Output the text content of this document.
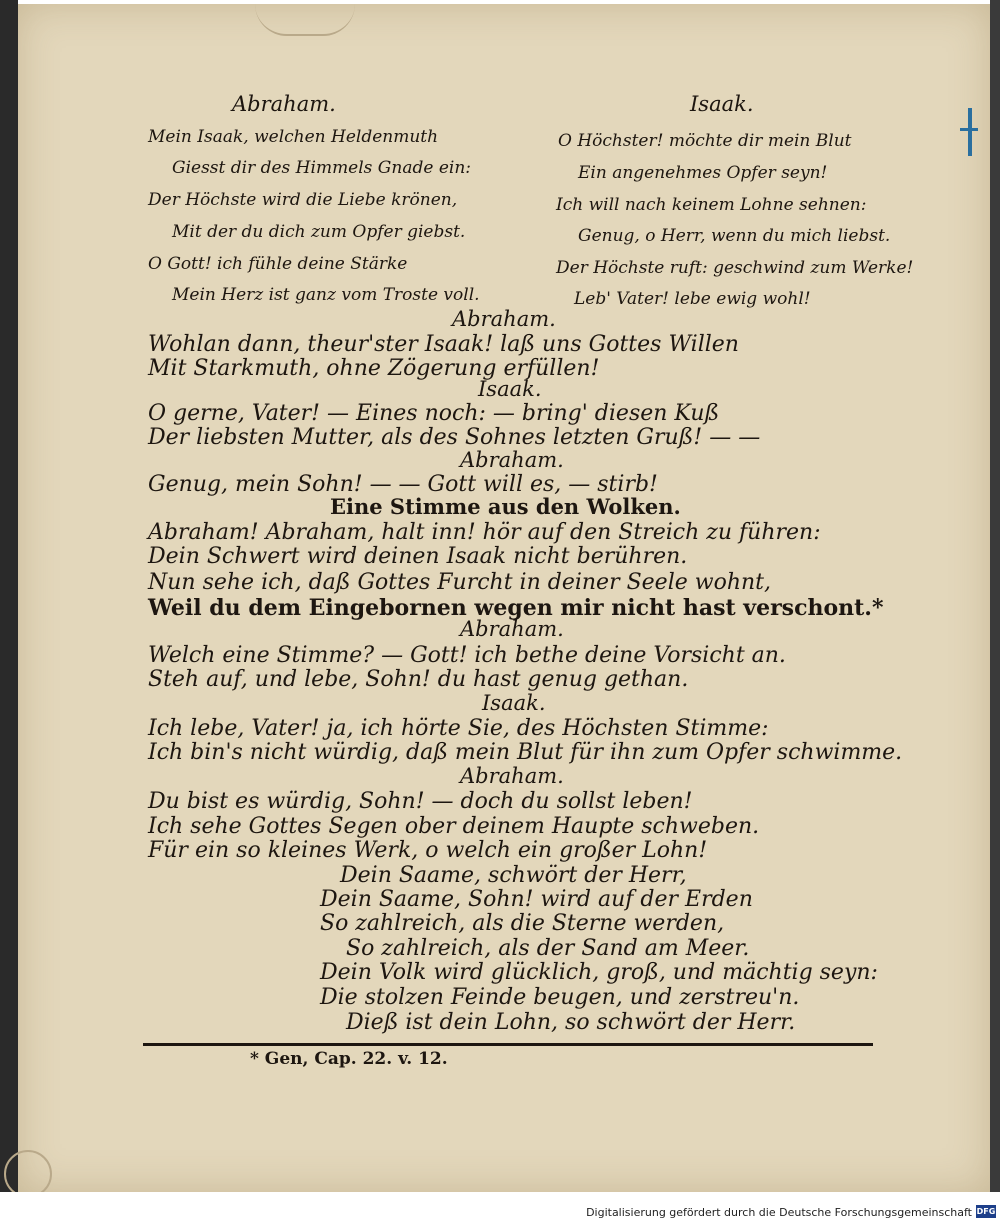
Abraham.	Isaak.
Mein Isaak, welchen Heldenmuth
Giesst dir des Himmels Gnade ein:
Der Höchste wird die Liebe krönen,
Mit der du dich zum Opfer giebst.
O Gott! ich fühle deine Stärke
Mein Herz ist ganz vom Troste voll.
O Höchster! möchte dir mein Blut
Ein angenehmes Opfer seyn!
Ich will nach keinem Lohne sehnen:
Genug, o Herr, wenn du mich liebst.
Der Höchste ruft: geschwind zum Werke!
Leb' Vater! lebe ewig wohl!
Abraham.
Wohlan dann, theur'ster Isaak! laß uns Gottes Willen
Mit Starkmuth, ohne Zögerung erfüllen!
Isaak.
O gerne, Vater! — Eines noch: — bring' diesen Kuß
Der liebsten Mutter, als des Sohnes letzten Gruß! — —
Abraham.
Genug, mein Sohn! — — Gott will es, — stirb!
Eine Stimme aus den Wolken.
Abraham! Abraham, halt inn! hör auf den Streich zu führen:
Dein Schwert wird deinen Isaak nicht berühren.
Nun sehe ich, daß Gottes Furcht in deiner Seele wohnt,
Weil du dem Eingebornen wegen mir nicht hast verschont.*
Abraham.
Welch eine Stimme? — Gott! ich bethe deine Vorsicht an.
Steh auf, und lebe, Sohn! du hast genug gethan.
Isaak.
Ich lebe, Vater! ja, ich hörte Sie, des Höchsten Stimme:
Ich bin's nicht würdig, daß mein Blut für ihn zum Opfer schwimme.
Abraham.
Du bist es würdig, Sohn! — doch du sollst leben!
Ich sehe Gottes Segen ober deinem Haupte schweben.
Für ein so kleines Werk, o welch ein großer Lohn!
Dein Saame, schwört der Herr,
Dein Saame, Sohn! wird auf der Erden
So zahlreich, als die Sterne werden,
So zahlreich, als der Sand am Meer.
Dein Volk wird glücklich, groß, und mächtig seyn:
Die stolzen Feinde beugen, und zerstreu'n.
Dieß ist dein Lohn, so schwört der Herr.
* Gen, Cap. 22. v. 12.
Digitalisierung gefördert durch die Deutsche Forschungsgemeinschaft DFG
